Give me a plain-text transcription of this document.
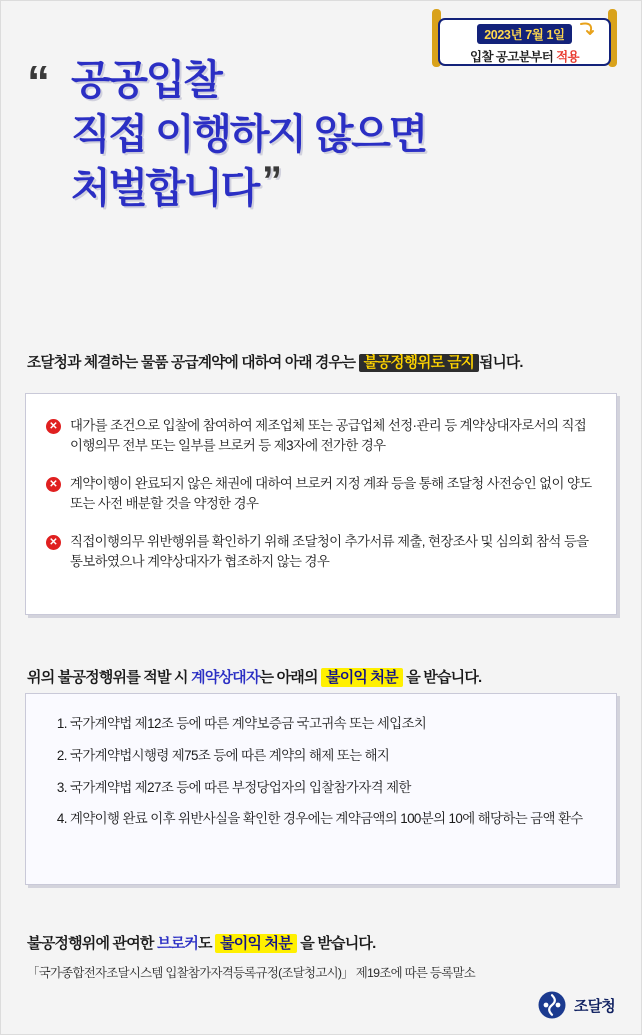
2023년 7월 1일
입찰 공고분부터 적용
“ 공공입찰
직접 이행하지 않으면
처벌합니다 ”

조달청과 체결하는 물품 공급계약에 대하여 아래 경우는 불공정행위로 금지 됩니다.

✕ 대가를 조건으로 입찰에 참여하여 제조업체 또는 공급업체 선정·관리 등 계약상대자로서의 직접이행의무 전부 또는 일부를 브로커 등 제3자에 전가한 경우
✕ 계약이행이 완료되지 않은 채권에 대하여 브로커 지정 계좌 등을 통해 조달청 사전승인 없이 양도 또는 사전 배분할 것을 약정한 경우
✕ 직접이행의무 위반행위를 확인하기 위해 조달청이 추가서류 제출, 현장조사 및 심의회 참석 등을 통보하였으나 계약상대자가 협조하지 않는 경우

위의 불공정행위를 적발 시 계약상대자는 아래의 불이익 처분 을 받습니다.

1. 국가계약법 제12조 등에 따른 계약보증금 국고귀속 또는 세입조치
2. 국가계약법시행령 제75조 등에 따른 계약의 해제 또는 해지
3. 국가계약법 제27조 등에 따른 부정당업자의 입찰참가자격 제한
4. 계약이행 완료 이후 위반사실을 확인한 경우에는 계약금액의 100분의 10에 해당하는 금액 환수

불공정행위에 관여한 브로커도 불이익 처분 을 받습니다.

「국가종합전자조달시스템 입찰참가자격등록규정(조달청고시)」 제19조에 따른 등록말소

조달청
